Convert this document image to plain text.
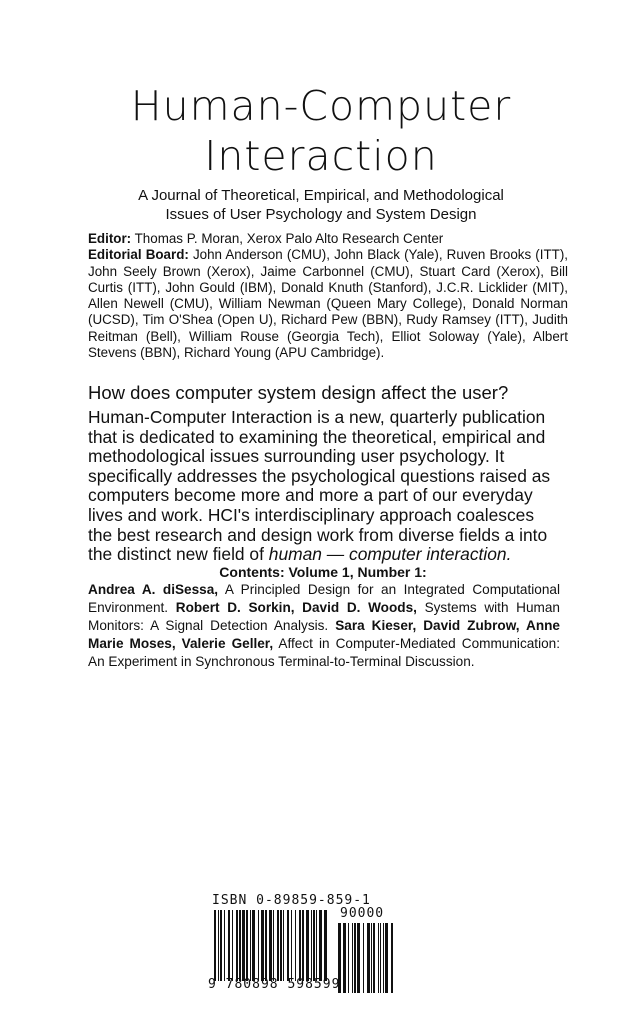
Human-Computer
Interaction
A Journal of Theoretical, Empirical, and Methodological
Issues of User Psychology and System Design
Editor: Thomas P. Moran, Xerox Palo Alto Research Center
Editorial Board: John Anderson (CMU), John Black (Yale), Ruven Brooks (ITT), John Seely Brown (Xerox), Jaime Carbonnel (CMU), Stuart Card (Xerox), Bill Curtis (ITT), John Gould (IBM), Donald Knuth (Stanford), J.C.R. Licklider (MIT), Allen Newell (CMU), William Newman (Queen Mary College), Donald Norman (UCSD), Tim O'Shea (Open U), Richard Pew (BBN), Rudy Ramsey (ITT), Judith Reitman (Bell), William Rouse (Georgia Tech), Elliot Soloway (Yale), Albert Stevens (BBN), Richard Young (APU Cambridge).
How does computer system design affect the user?
Human-Computer Interaction is a new, quarterly publication that is dedicated to examining the theoretical, empirical and methodological issues surrounding user psychology. It specifically addresses the psychological questions raised as computers become more and more a part of our everyday lives and work. HCI's interdisciplinary approach coalesces the best research and design work from diverse fields a into the distinct new field of human — computer interaction.
Contents: Volume 1, Number 1:
Andrea A. diSessa, A Principled Design for an Integrated Computational Environment. Robert D. Sorkin, David D. Woods, Systems with Human Monitors: A Signal Detection Analysis. Sara Kieser, David Zubrow, Anne Marie Moses, Valerie Geller, Affect in Computer-Mediated Communication: An Experiment in Synchronous Terminal-to-Terminal Discussion.
ISBN 0-89859-859-1
90000
9 780898 598599
